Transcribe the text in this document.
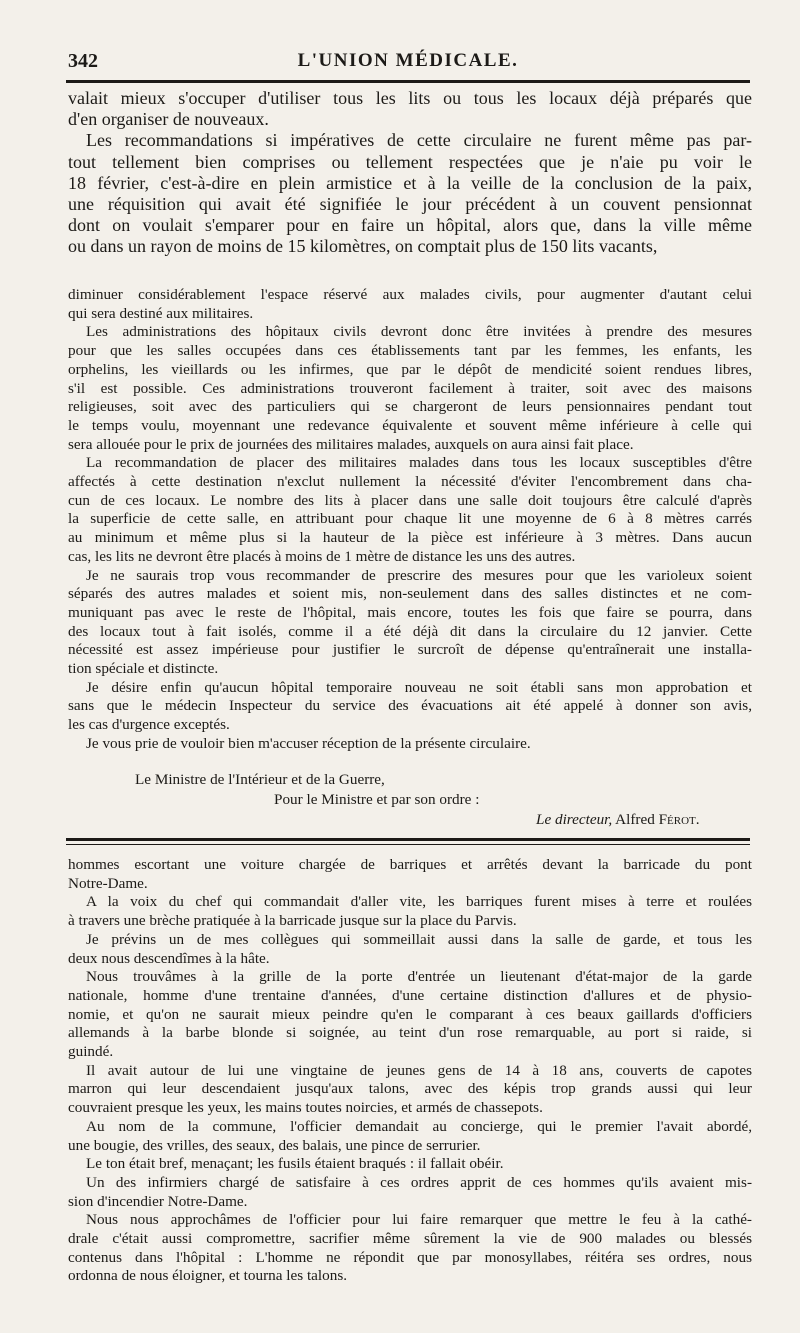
342	L'UNION MÉDICALE.
valait mieux s'occuper d'utiliser tous les lits ou tous les locaux déjà préparés que
d'en organiser de nouveaux.
Les recommandations si impératives de cette circulaire ne furent même pas par-
tout tellement bien comprises ou tellement respectées que je n'aie pu voir le
18 février, c'est-à-dire en plein armistice et à la veille de la conclusion de la paix,
une réquisition qui avait été signifiée le jour précédent à un couvent pensionnat
dont on voulait s'emparer pour en faire un hôpital, alors que, dans la ville même
ou dans un rayon de moins de 15 kilomètres, on comptait plus de 150 lits vacants,
diminuer considérablement l'espace réservé aux malades civils, pour augmenter d'autant celui
qui sera destiné aux militaires.
Les administrations des hôpitaux civils devront donc être invitées à prendre des mesures
pour que les salles occupées dans ces établissements tant par les femmes, les enfants, les
orphelins, les vieillards ou les infirmes, que par le dépôt de mendicité soient rendues libres,
s'il est possible. Ces administrations trouveront facilement à traiter, soit avec des maisons
religieuses, soit avec des particuliers qui se chargeront de leurs pensionnaires pendant tout
le temps voulu, moyennant une redevance équivalente et souvent même inférieure à celle qui
sera allouée pour le prix de journées des militaires malades, auxquels on aura ainsi fait place.
La recommandation de placer des militaires malades dans tous les locaux susceptibles d'être
affectés à cette destination n'exclut nullement la nécessité d'éviter l'encombrement dans cha-
cun de ces locaux. Le nombre des lits à placer dans une salle doit toujours être calculé d'après
la superficie de cette salle, en attribuant pour chaque lit une moyenne de 6 à 8 mètres carrés
au minimum et même plus si la hauteur de la pièce est inférieure à 3 mètres. Dans aucun
cas, les lits ne devront être placés à moins de 1 mètre de distance les uns des autres.
Je ne saurais trop vous recommander de prescrire des mesures pour que les varioleux soient
séparés des autres malades et soient mis, non-seulement dans des salles distinctes et ne com-
muniquant pas avec le reste de l'hôpital, mais encore, toutes les fois que faire se pourra, dans
des locaux tout à fait isolés, comme il a été déjà dit dans la circulaire du 12 janvier. Cette
nécessité est assez impérieuse pour justifier le surcroît de dépense qu'entraînerait une installa-
tion spéciale et distincte.
Je désire enfin qu'aucun hôpital temporaire nouveau ne soit établi sans mon approbation et
sans que le médecin Inspecteur du service des évacuations ait été appelé à donner son avis,
les cas d'urgence exceptés.
Je vous prie de vouloir bien m'accuser réception de la présente circulaire.
Le Ministre de l'Intérieur et de la Guerre,
Pour le Ministre et par son ordre :
Le directeur, Alfred Férot.
hommes escortant une voiture chargée de barriques et arrêtés devant la barricade du pont
Notre-Dame.
A la voix du chef qui commandait d'aller vite, les barriques furent mises à terre et roulées
à travers une brèche pratiquée à la barricade jusque sur la place du Parvis.
Je prévins un de mes collègues qui sommeillait aussi dans la salle de garde, et tous les
deux nous descendîmes à la hâte.
Nous trouvâmes à la grille de la porte d'entrée un lieutenant d'état-major de la garde
nationale, homme d'une trentaine d'années, d'une certaine distinction d'allures et de physio-
nomie, et qu'on ne saurait mieux peindre qu'en le comparant à ces beaux gaillards d'officiers
allemands à la barbe blonde si soignée, au teint d'un rose remarquable, au port si raide, si
guindé.
Il avait autour de lui une vingtaine de jeunes gens de 14 à 18 ans, couverts de capotes
marron qui leur descendaient jusqu'aux talons, avec des képis trop grands aussi qui leur
couvraient presque les yeux, les mains toutes noircies, et armés de chassepots.
Au nom de la commune, l'officier demandait au concierge, qui le premier l'avait abordé,
une bougie, des vrilles, des seaux, des balais, une pince de serrurier.
Le ton était bref, menaçant; les fusils étaient braqués : il fallait obéir.
Un des infirmiers chargé de satisfaire à ces ordres apprit de ces hommes qu'ils avaient mis-
sion d'incendier Notre-Dame.
Nous nous approchâmes de l'officier pour lui faire remarquer que mettre le feu à la cathé-
drale c'était aussi compromettre, sacrifier même sûrement la vie de 900 malades ou blessés
contenus dans l'hôpital : L'homme ne répondit que par monosyllabes, réitéra ses ordres, nous
ordonna de nous éloigner, et tourna les talons.
